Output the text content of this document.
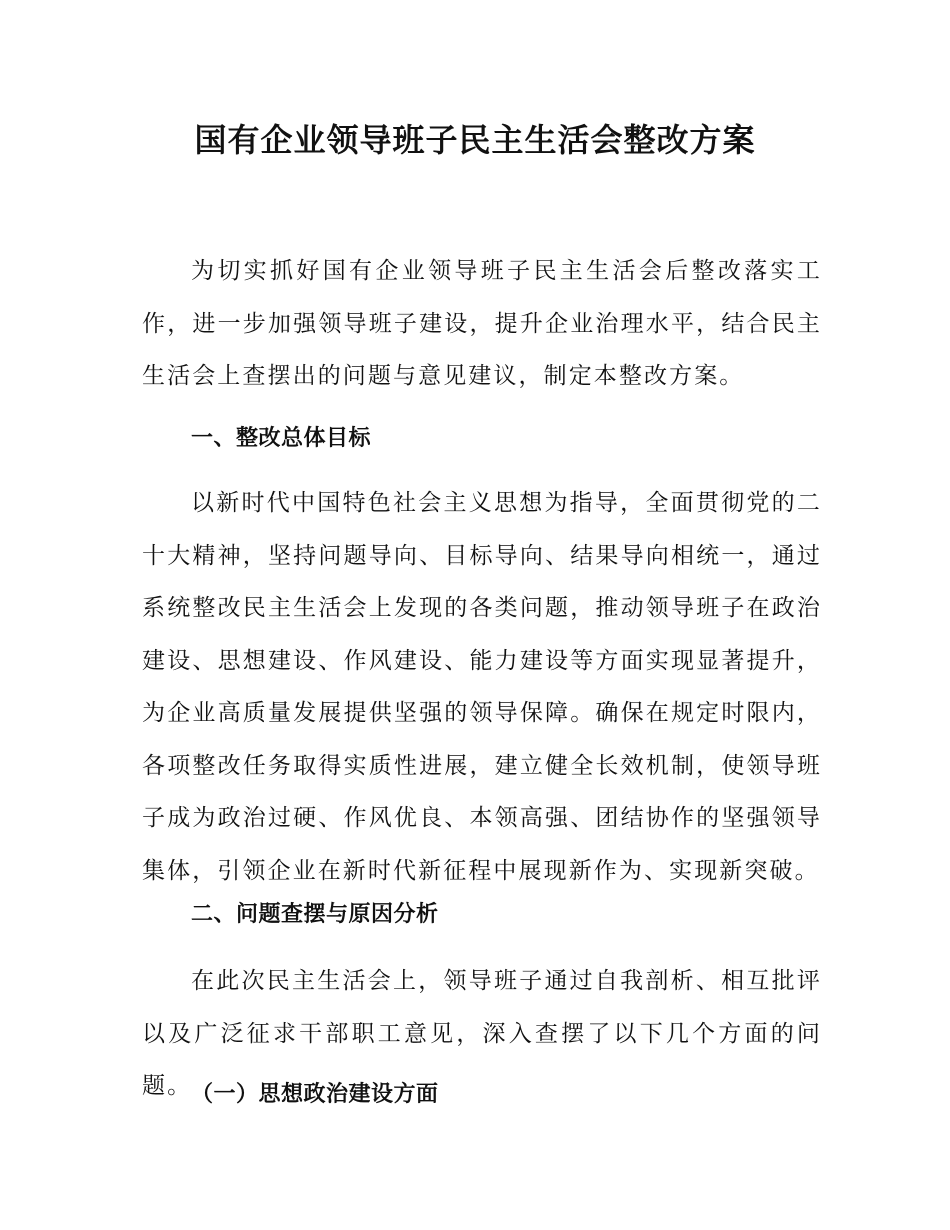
国有企业领导班子民主生活会整改方案

为切实抓好国有企业领导班子民主生活会后整改落实工作，进一步加强领导班子建设，提升企业治理水平，结合民主生活会上查摆出的问题与意见建议，制定本整改方案。

一、整改总体目标

以新时代中国特色社会主义思想为指导，全面贯彻党的二十大精神，坚持问题导向、目标导向、结果导向相统一，通过系统整改民主生活会上发现的各类问题，推动领导班子在政治建设、思想建设、作风建设、能力建设等方面实现显著提升，为企业高质量发展提供坚强的领导保障。确保在规定时限内，各项整改任务取得实质性进展，建立健全长效机制，使领导班子成为政治过硬、作风优良、本领高强、团结协作的坚强领导集体，引领企业在新时代新征程中展现新作为、实现新突破。

二、问题查摆与原因分析

在此次民主生活会上，领导班子通过自我剖析、相互批评以及广泛征求干部职工意见，深入查摆了以下几个方面的问题。

（一）思想政治建设方面
